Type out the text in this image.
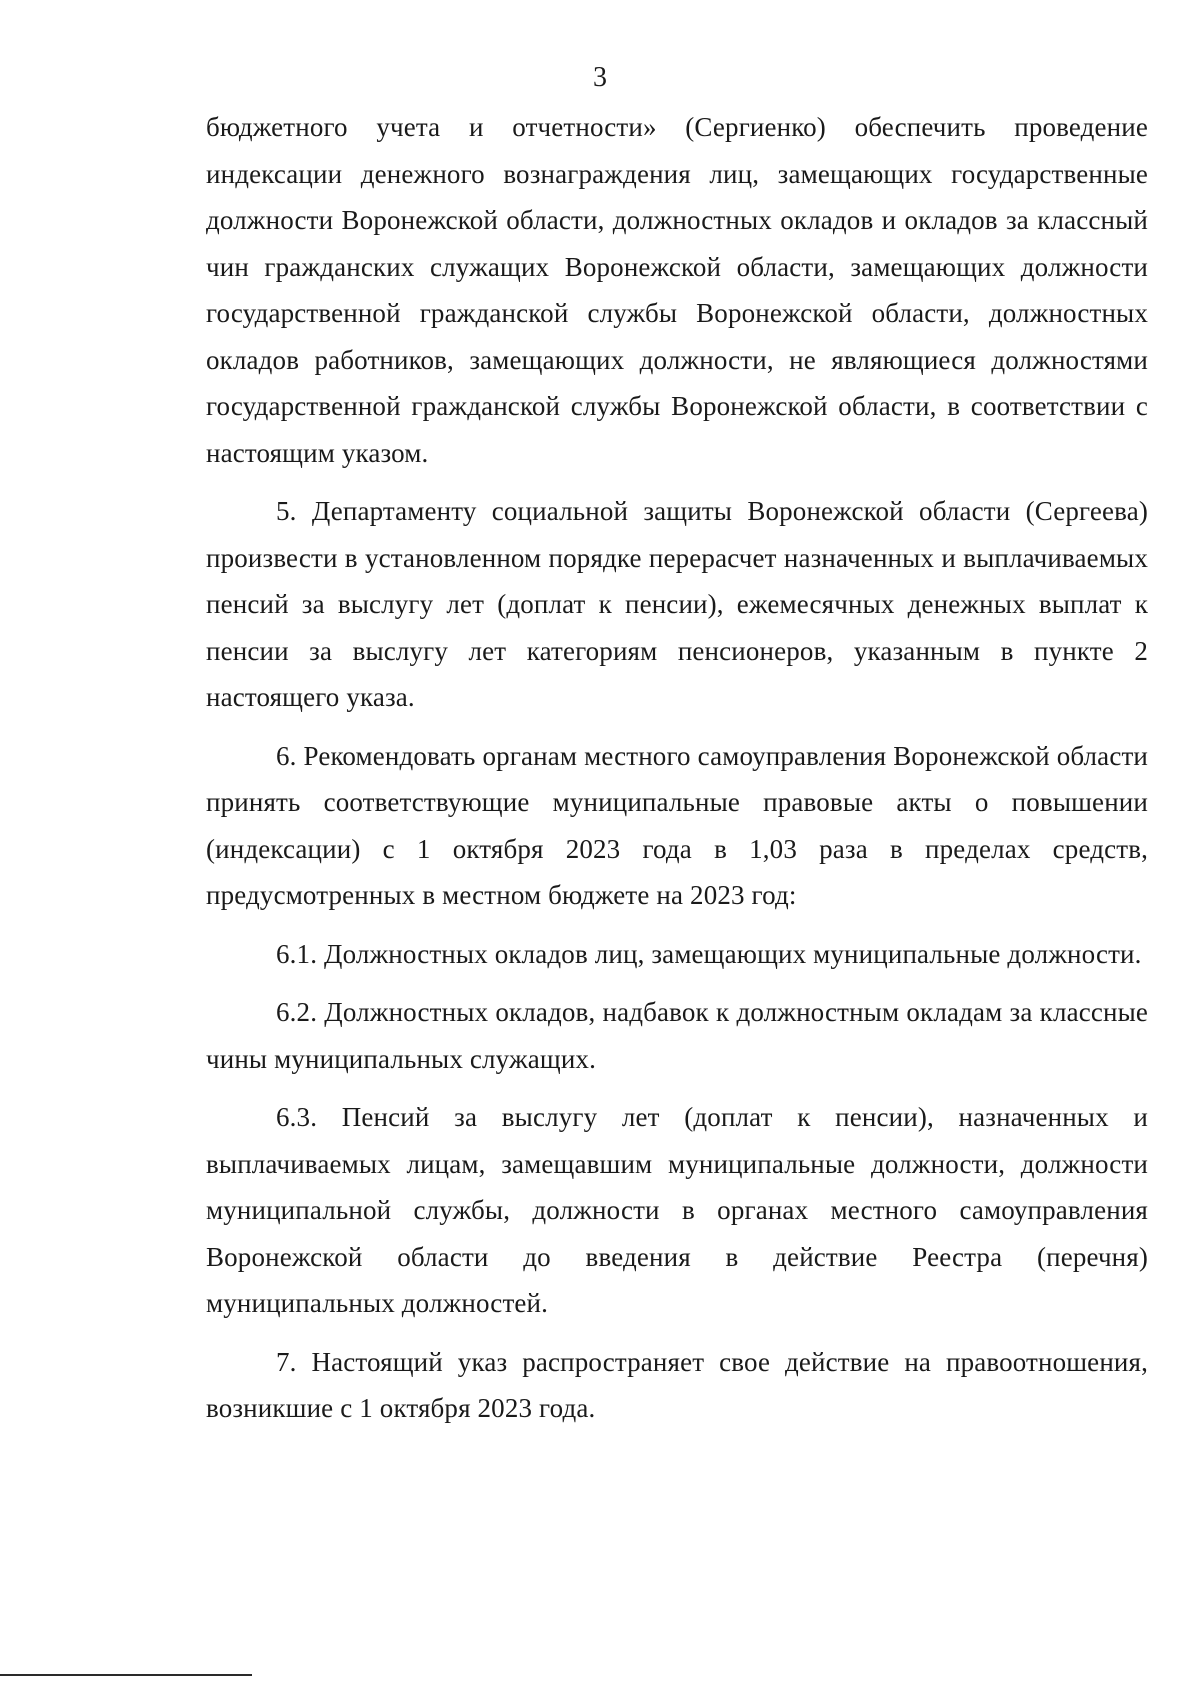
3

бюджетного учета и отчетности» (Сергиенко) обеспечить проведение индексации денежного вознаграждения лиц, замещающих государственные должности Воронежской области, должностных окладов и окладов за классный чин гражданских служащих Воронежской области, замещающих должности государственной гражданской службы Воронежской области, должностных окладов работников, замещающих должности, не являющиеся должностями государственной гражданской службы Воронежской области, в соответствии с настоящим указом.

5. Департаменту социальной защиты Воронежской области (Сергеева) произвести в установленном порядке перерасчет назначенных и выплачиваемых пенсий за выслугу лет (доплат к пенсии), ежемесячных денежных выплат к пенсии за выслугу лет категориям пенсионеров, указанным в пункте 2 настоящего указа.

6. Рекомендовать органам местного самоуправления Воронежской области принять соответствующие муниципальные правовые акты о повышении (индексации) с 1 октября 2023 года в 1,03 раза в пределах средств, предусмотренных в местном бюджете на 2023 год:

6.1. Должностных окладов лиц, замещающих муниципальные должности.

6.2. Должностных окладов, надбавок к должностным окладам за классные чины муниципальных служащих.

6.3. Пенсий за выслугу лет (доплат к пенсии), назначенных и выплачиваемых лицам, замещавшим муниципальные должности, должности муниципальной службы, должности в органах местного самоуправления Воронежской области до введения в действие Реестра (перечня) муниципальных должностей.

7. Настоящий указ распространяет свое действие на правоотношения, возникшие с 1 октября 2023 года.
